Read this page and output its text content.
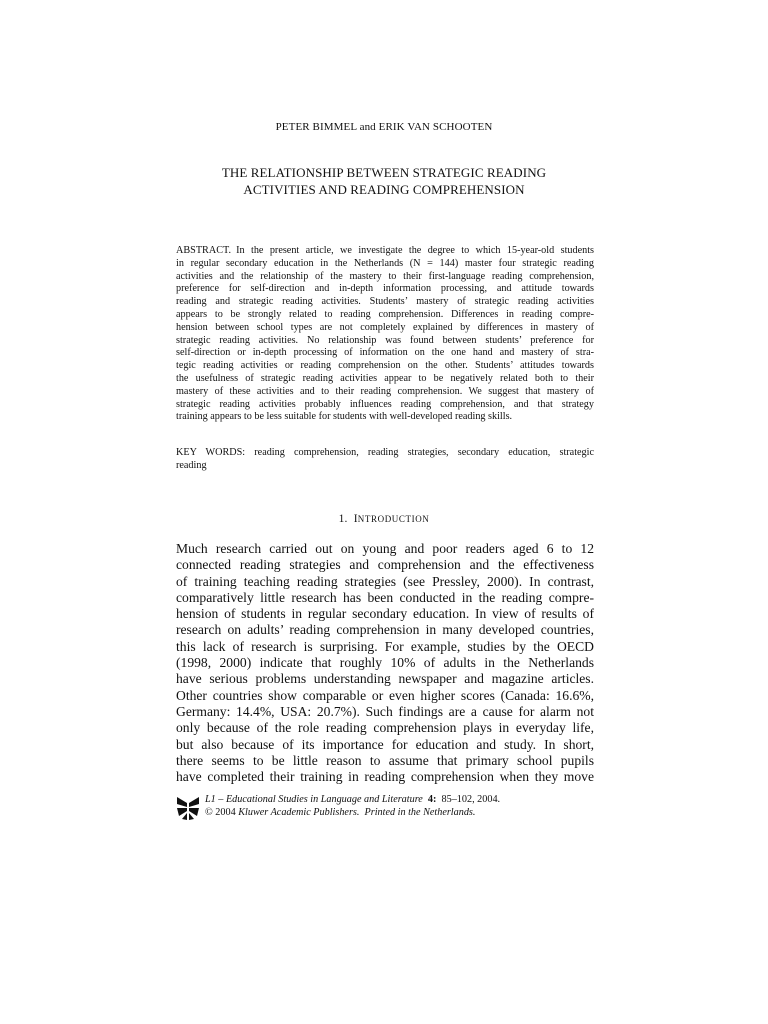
PETER BIMMEL and ERIK VAN SCHOOTEN
THE RELATIONSHIP BETWEEN STRATEGIC READING
ACTIVITIES AND READING COMPREHENSION
ABSTRACT. In the present article, we investigate the degree to which 15-year-old students
in regular secondary education in the Netherlands (N = 144) master four strategic reading
activities and the relationship of the mastery to their first-language reading comprehension,
preference for self-direction and in-depth information processing, and attitude towards
reading and strategic reading activities. Students’ mastery of strategic reading activities
appears to be strongly related to reading comprehension. Differences in reading compre-
hension between school types are not completely explained by differences in mastery of
strategic reading activities. No relationship was found between students’ preference for
self-direction or in-depth processing of information on the one hand and mastery of stra-
tegic reading activities or reading comprehension on the other. Students’ attitudes towards
the usefulness of strategic reading activities appear to be negatively related both to their
mastery of these activities and to their reading comprehension. We suggest that mastery of
strategic reading activities probably influences reading comprehension, and that strategy
training appears to be less suitable for students with well-developed reading skills.
KEY WORDS: reading comprehension, reading strategies, secondary education, strategic
reading
1. INTRODUCTION
Much research carried out on young and poor readers aged 6 to 12
connected reading strategies and comprehension and the effectiveness
of training teaching reading strategies (see Pressley, 2000). In contrast,
comparatively little research has been conducted in the reading compre-
hension of students in regular secondary education. In view of results of
research on adults’ reading comprehension in many developed countries,
this lack of research is surprising. For example, studies by the OECD
(1998, 2000) indicate that roughly 10% of adults in the Netherlands
have serious problems understanding newspaper and magazine articles.
Other countries show comparable or even higher scores (Canada: 16.6%,
Germany: 14.4%, USA: 20.7%). Such findings are a cause for alarm not
only because of the role reading comprehension plays in everyday life,
but also because of its importance for education and study. In short,
there seems to be little reason to assume that primary school pupils
have completed their training in reading comprehension when they move
L1 – Educational Studies in Language and Literature 4: 85–102, 2004.
© 2004 Kluwer Academic Publishers. Printed in the Netherlands.
